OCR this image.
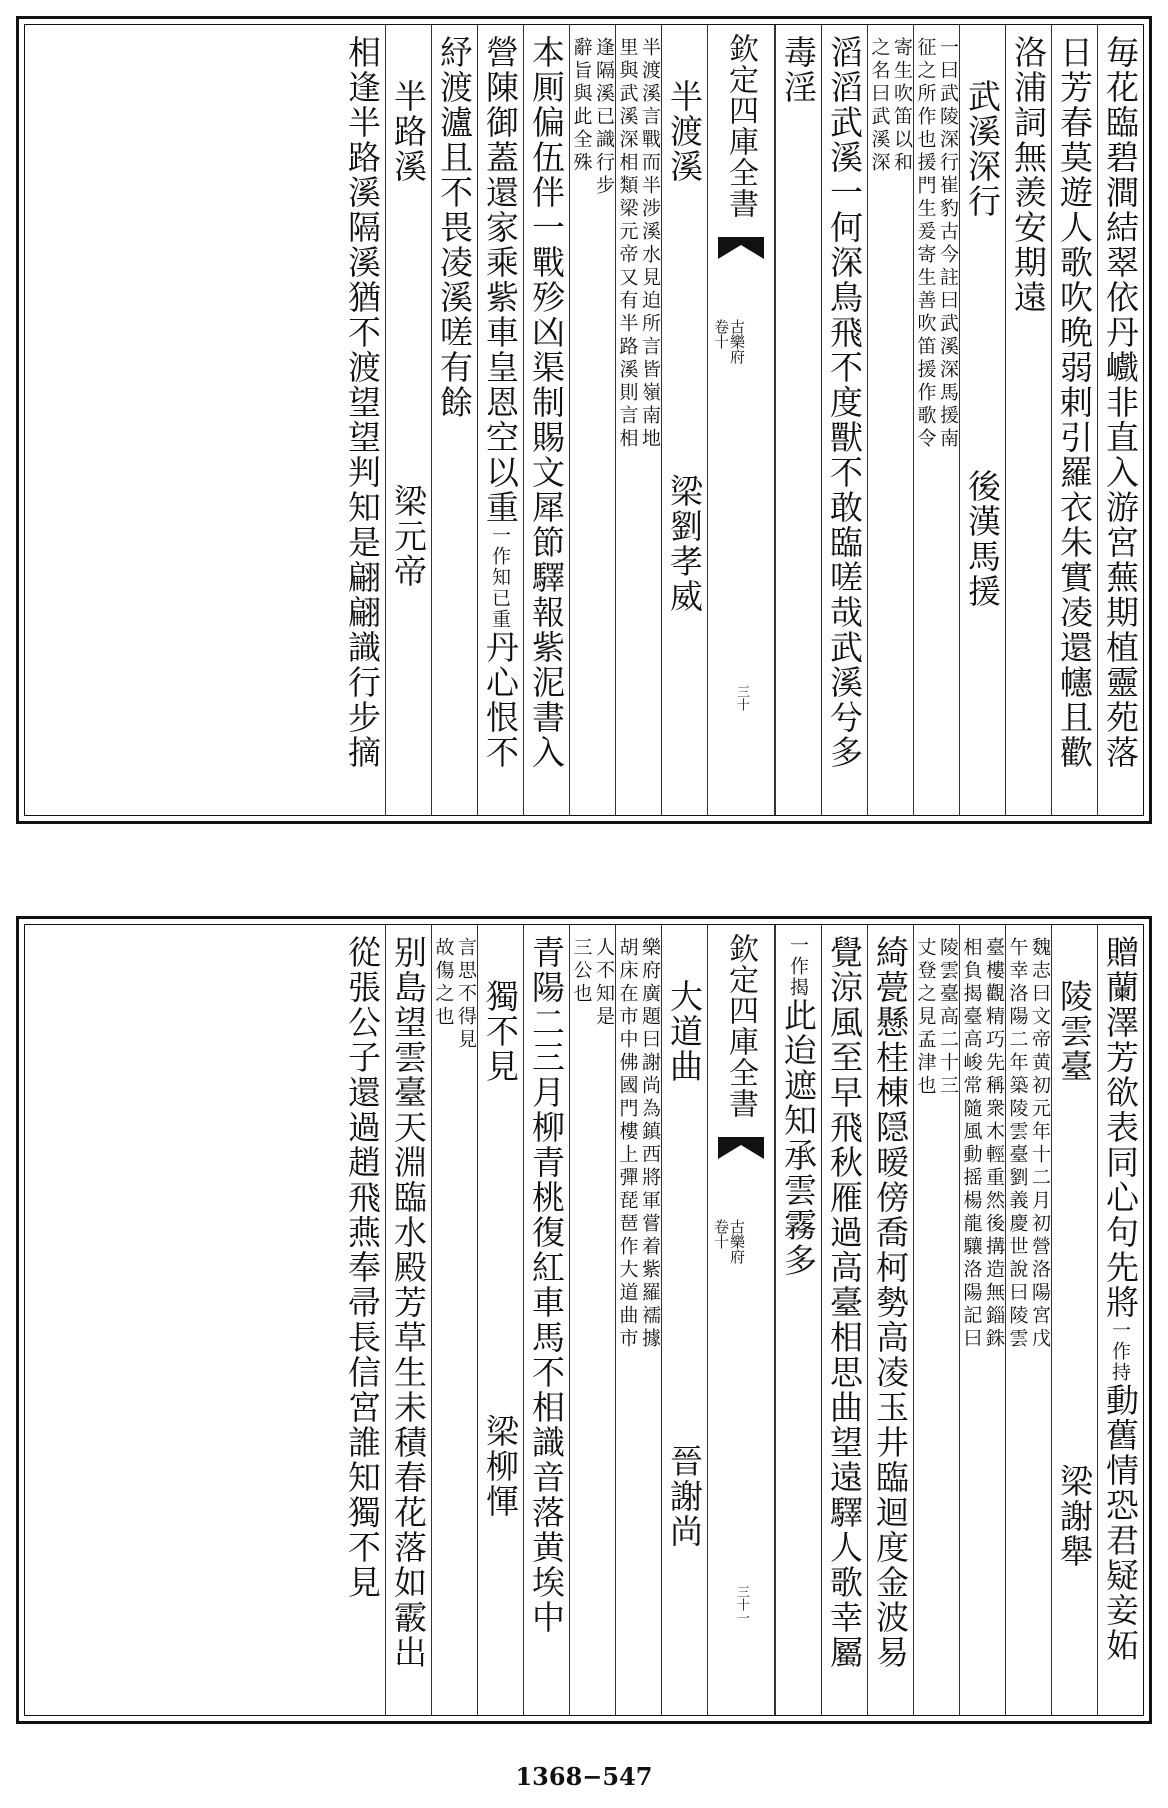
毎花臨碧澗結翠依丹巇非直入游宮蕪期植靈苑落
日芳春莫遊人歌吹晩弱剌引羅衣朱實凌還幰且歡
洛浦詞無羨安期遠
武溪深行後漢馬援
一曰武陵深行崔豹古今註曰武溪深馬援南
征之所作也援門生爰寄生善吹笛援作歌令
寄生吹笛以和
之名曰武溪深
滔滔武溪一何深鳥飛不度獸不敢臨嗟哉武溪兮多
毒淫
欽定四庫全書
古樂府
卷十
三十
半渡溪梁劉孝威
半渡溪言戰而半涉溪水見迫所言皆嶺南地
里與武溪深相類梁元帝又有半路溪則言相
逢隔溪已識行步
辭旨與此全殊
本厠偏伍伴一戰殄凶渠制賜文犀節驛報紫泥書入
營陳御蓋還家乘紫車皇恩空以重一作知已重丹心恨不
紓渡瀘且不畏凌溪嗟有餘
半路溪梁元帝
相逢半路溪隔溪猶不渡望望判知是翩翩識行步摘
贈蘭澤芳欲表同心句先將一作持動舊情恐君疑妾妬
陵雲臺梁謝舉
魏志曰文帝黄初元年十二月初營洛陽宮戊
午幸洛陽二年築陵雲臺劉義慶世說曰陵雲
臺樓觀精巧先稱衆木輕重然後搆造無錙銖
相負揭臺高峻常隨風動摇楊龍驤洛陽記曰
陵雲臺高二十三
丈登之見孟津也
綺甍懸桂棟隠暧傍喬柯勢高凌玉井臨迴度金波易
覺涼風至早飛秋雁過高臺相思曲望遠驛人歌幸屬
一作揭此迨遮知承雲霧多
欽定四庫全書
古樂府
卷十
三十一
大道曲晉謝尚
樂府廣題曰謝尚為鎮西將軍嘗着紫羅襦據
胡床在市中佛國門樓上彈琵琶作大道曲市
人不知是
三公也
青陽二三月柳青桃復紅車馬不相識音落黄埃中
獨不見梁柳惲
言思不得見
故傷之也
别島望雲臺天淵臨水殿芳草生未積春花落如霰出
從張公子還過趙飛燕奉帚長信宮誰知獨不見
1368−547
